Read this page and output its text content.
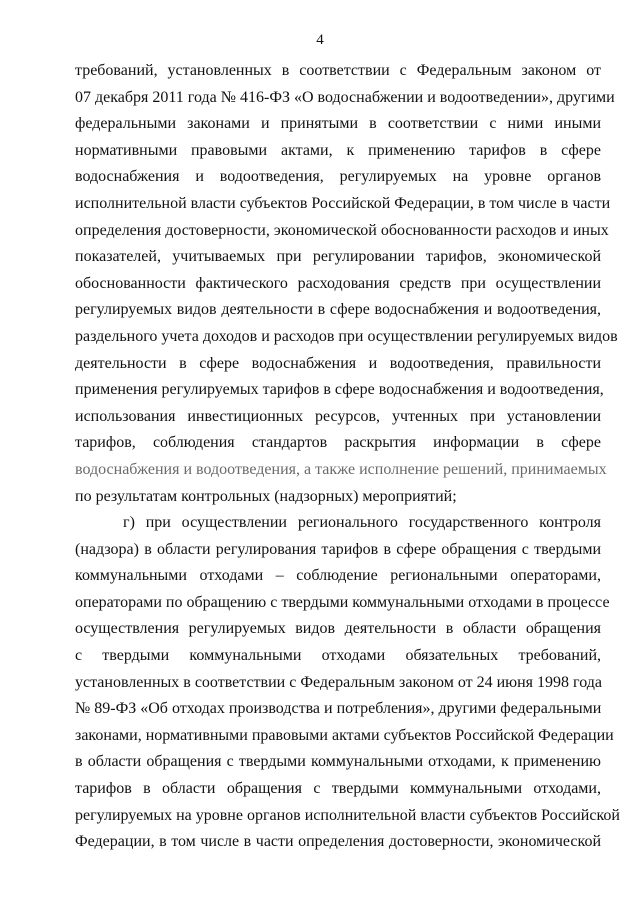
4
требований, установленных в соответствии с Федеральным законом от
07 декабря 2011 года № 416-ФЗ «О водоснабжении и водоотведении», другими
федеральными законами и принятыми в соответствии с ними иными
нормативными правовыми актами, к применению тарифов в сфере
водоснабжения и водоотведения, регулируемых на уровне органов
исполнительной власти субъектов Российской Федерации, в том числе в части
определения достоверности, экономической обоснованности расходов и иных
показателей, учитываемых при регулировании тарифов, экономической
обоснованности фактического расходования средств при осуществлении
регулируемых видов деятельности в сфере водоснабжения и водоотведения,
раздельного учета доходов и расходов при осуществлении регулируемых видов
деятельности в сфере водоснабжения и водоотведения, правильности
применения регулируемых тарифов в сфере водоснабжения и водоотведения,
использования инвестиционных ресурсов, учтенных при установлении
тарифов, соблюдения стандартов раскрытия информации в сфере
водоснабжения и водоотведения, а также исполнение решений, принимаемых
по результатам контрольных (надзорных) мероприятий;
г) при осуществлении регионального государственного контроля
(надзора) в области регулирования тарифов в сфере обращения с твердыми
коммунальными отходами – соблюдение региональными операторами,
операторами по обращению с твердыми коммунальными отходами в процессе
осуществления регулируемых видов деятельности в области обращения
с твердыми коммунальными отходами обязательных требований,
установленных в соответствии с Федеральным законом от 24 июня 1998 года
№ 89-ФЗ «Об отходах производства и потребления», другими федеральными
законами, нормативными правовыми актами субъектов Российской Федерации
в области обращения с твердыми коммунальными отходами, к применению
тарифов в области обращения с твердыми коммунальными отходами,
регулируемых на уровне органов исполнительной власти субъектов Российской
Федерации, в том числе в части определения достоверности, экономической
